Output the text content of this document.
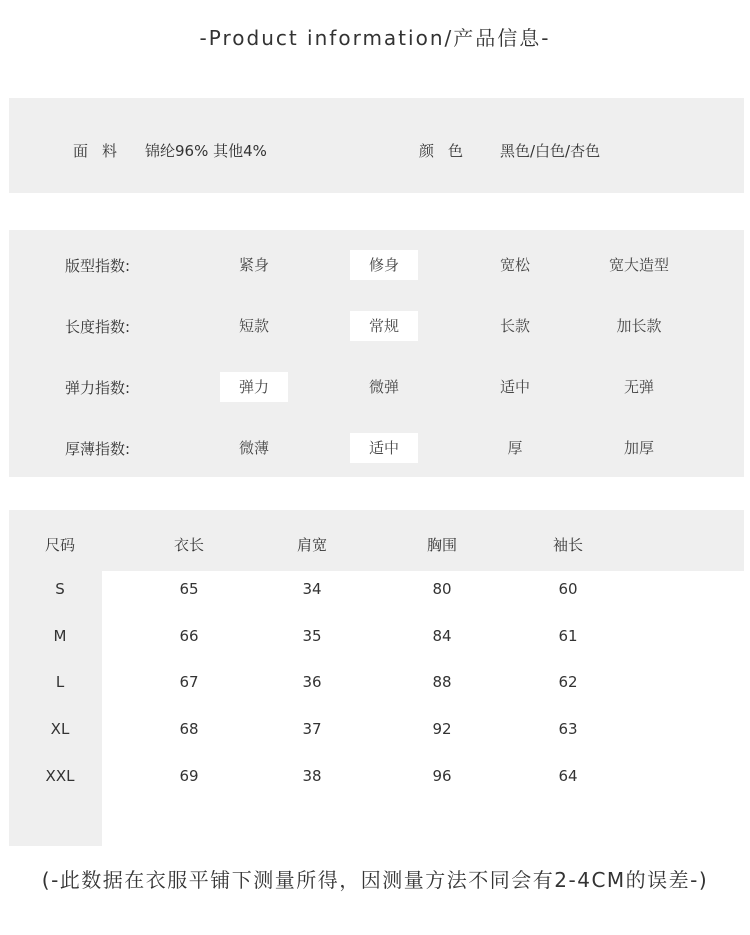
-Product information/产品信息-
面料 锦纶96% 其他4%	颜色 黑色/白色/杏色
版型指数:	紧身	修身	宽松	宽大造型
长度指数:	短款	常规	长款	加长款
弹力指数:	弹力	微弹	适中	无弹
厚薄指数:	微薄	适中	厚	加厚
尺码	衣长	肩宽	胸围	袖长
S	65	34	80	60
M	66	35	84	61
L	67	36	88	62
XL	68	37	92	63
XXL	69	38	96	64
(-此数据在衣服平铺下测量所得，因测量方法不同会有2-4CM的误差-)
